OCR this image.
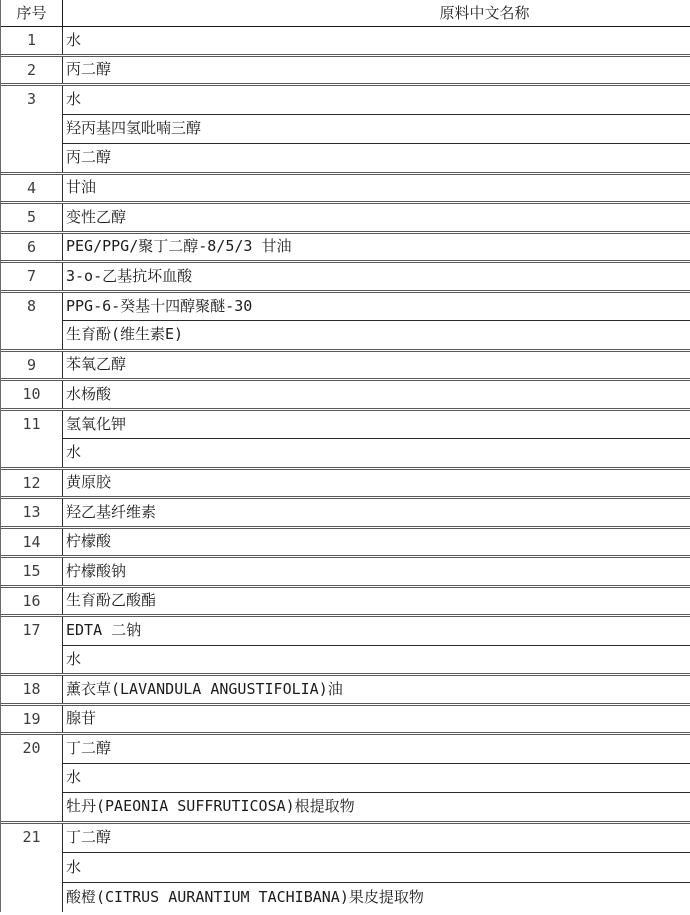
序号	原料中文名称
1	水
2	丙二醇
3	水
羟丙基四氢吡喃三醇
丙二醇
4	甘油
5	变性乙醇
6	PEG/PPG/聚丁二醇-8/5/3 甘油
7	3-o-乙基抗坏血酸
8	PPG-6-癸基十四醇聚醚-30
生育酚(维生素E)
9	苯氧乙醇
10	水杨酸
11	氢氧化钾
水
12	黄原胶
13	羟乙基纤维素
14	柠檬酸
15	柠檬酸钠
16	生育酚乙酸酯
17	EDTA 二钠
水
18	薰衣草(LAVANDULA ANGUSTIFOLIA)油
19	腺苷
20	丁二醇
水
牡丹(PAEONIA SUFFRUTICOSA)根提取物
21	丁二醇
水
酸橙(CITRUS AURANTIUM TACHIBANA)果皮提取物
